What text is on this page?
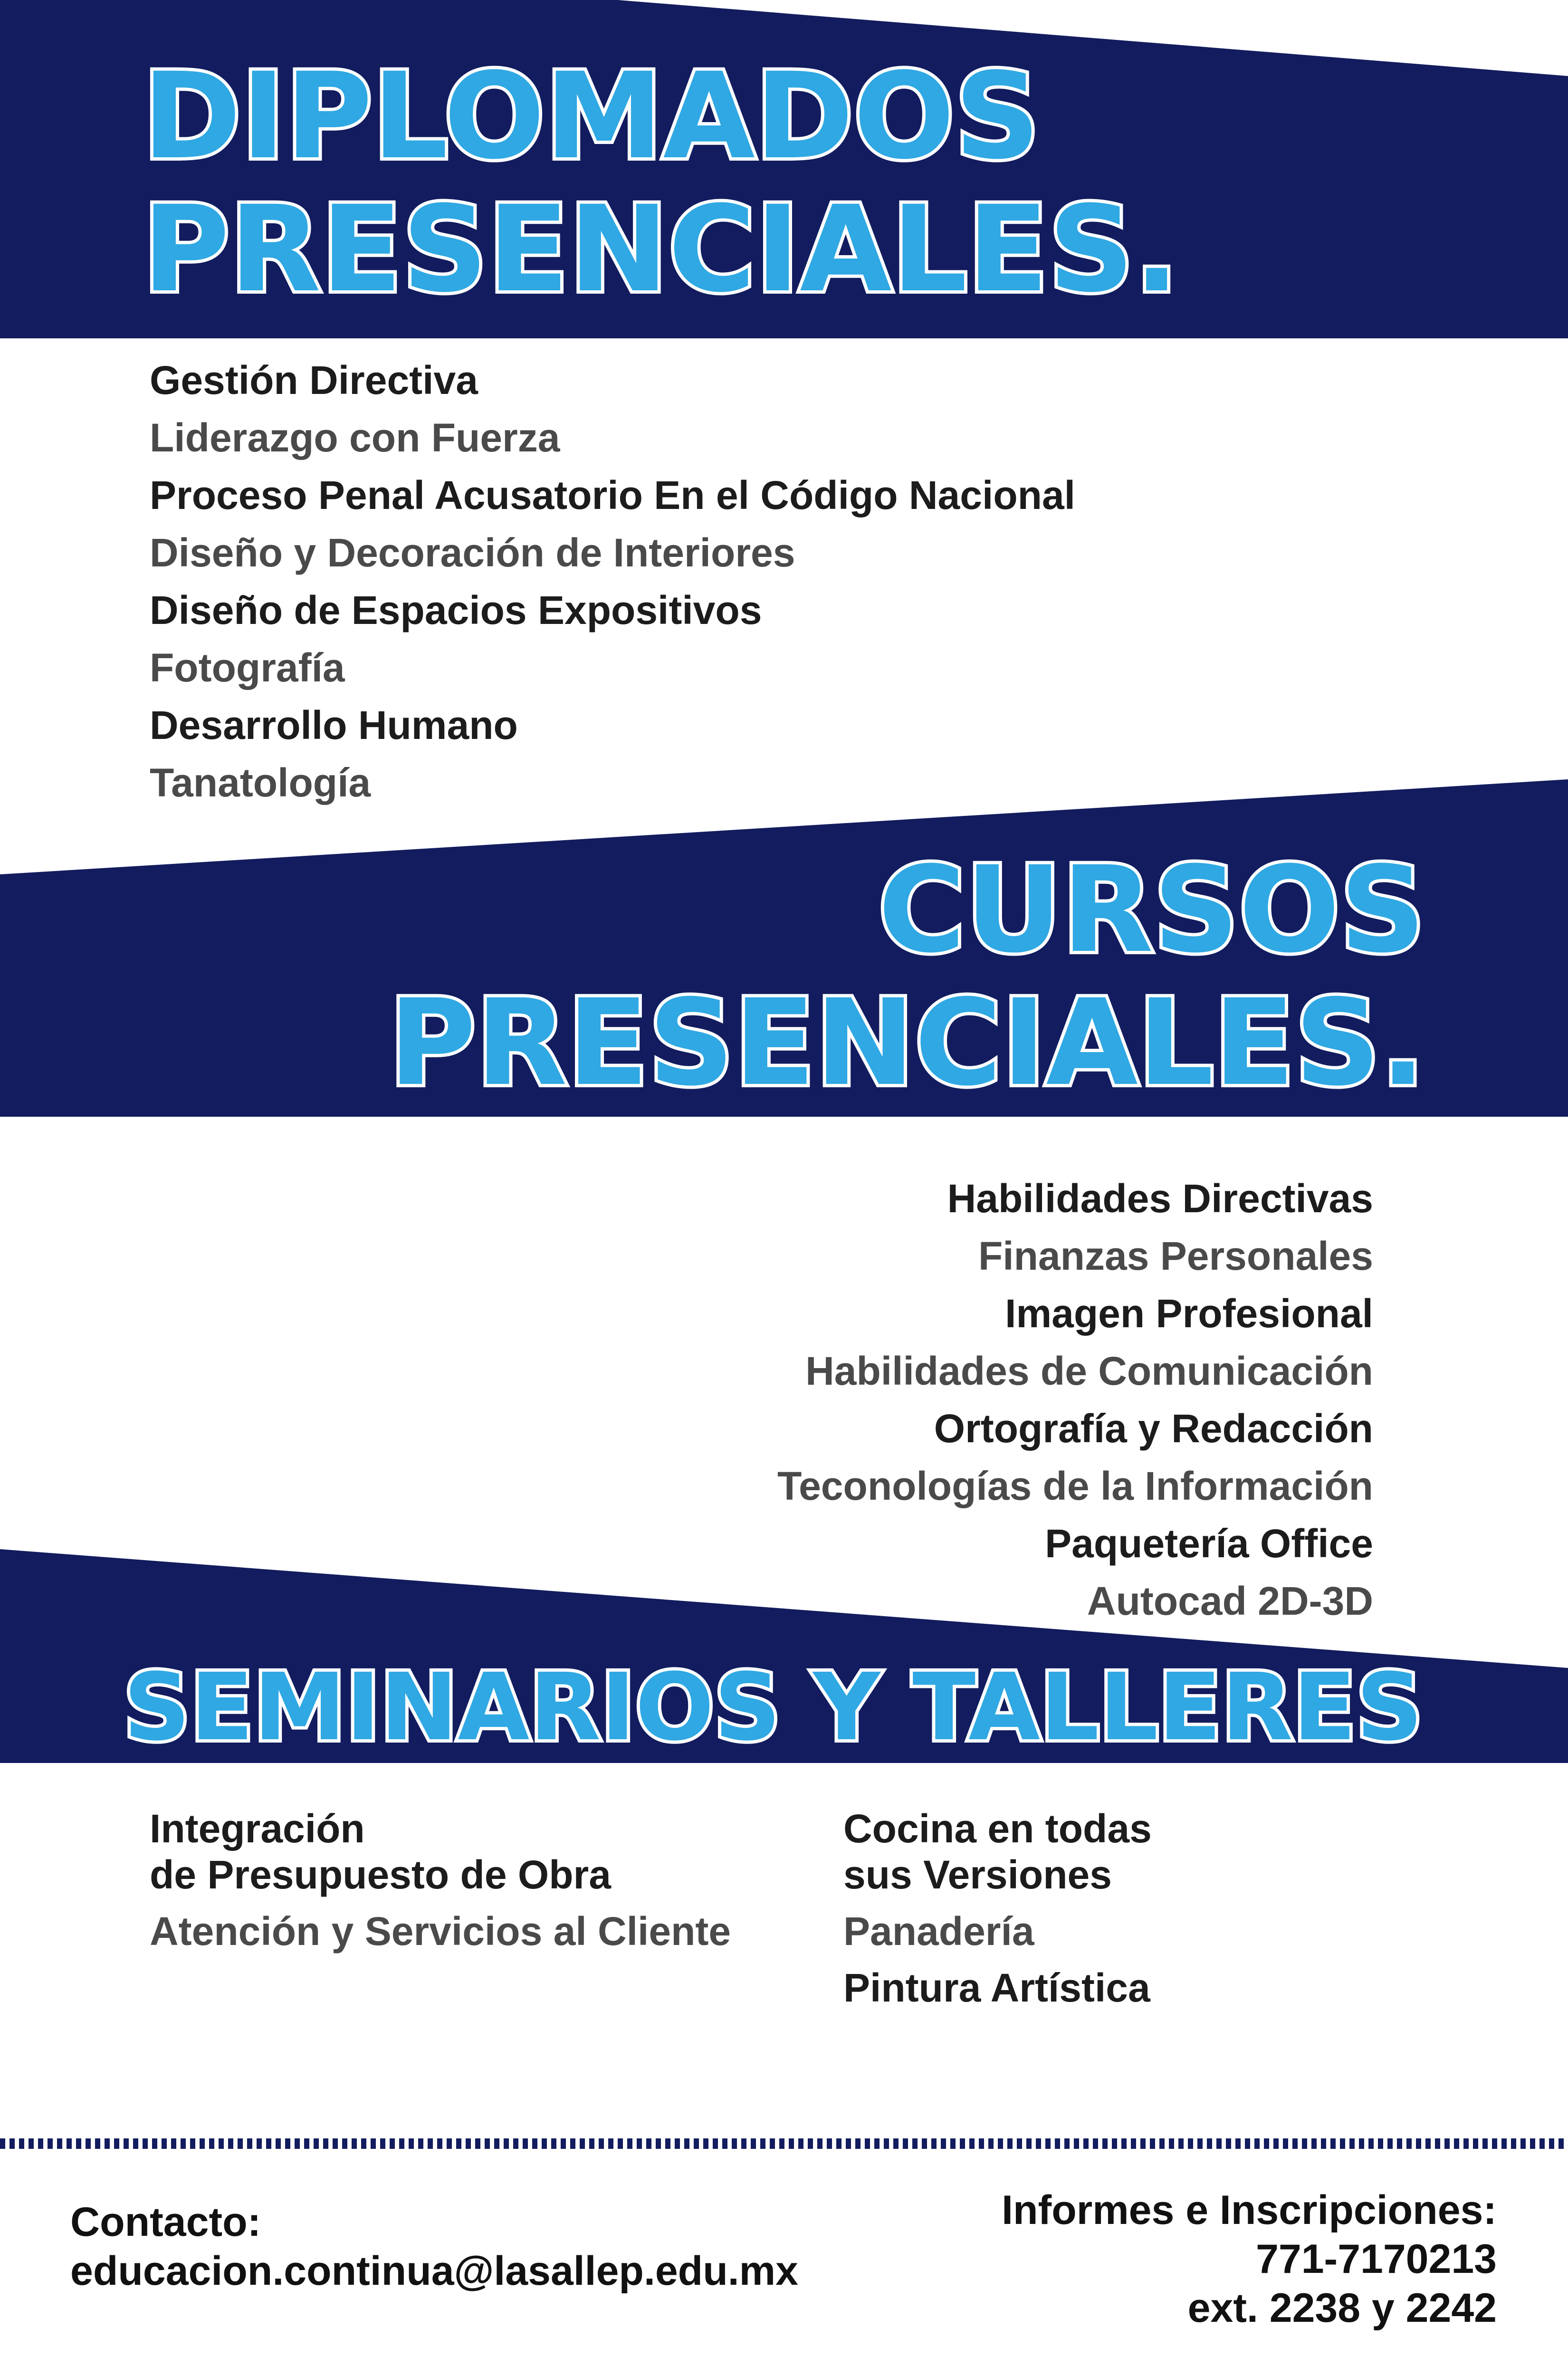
DIPLOMADOS
PRESENCIALES.
Gestión Directiva
Liderazgo con Fuerza
Proceso Penal Acusatorio En el Código Nacional
Diseño y Decoración de Interiores
Diseño de Espacios Expositivos
Fotografía
Desarrollo Humano
Tanatología
CURSOS
PRESENCIALES.
Habilidades Directivas
Finanzas Personales
Imagen Profesional
Habilidades de Comunicación
Ortografía y Redacción
Teconologías de la Información
Paquetería Office
Autocad 2D-3D
SEMINARIOS Y TALLERES
Integración
de Presupuesto de Obra
Atención y Servicios al Cliente
Cocina en todas
sus Versiones
Panadería
Pintura Artística
Contacto:
educacion.continua@lasallep.edu.mx
Informes e Inscripciones:
771-7170213
ext. 2238 y 2242
